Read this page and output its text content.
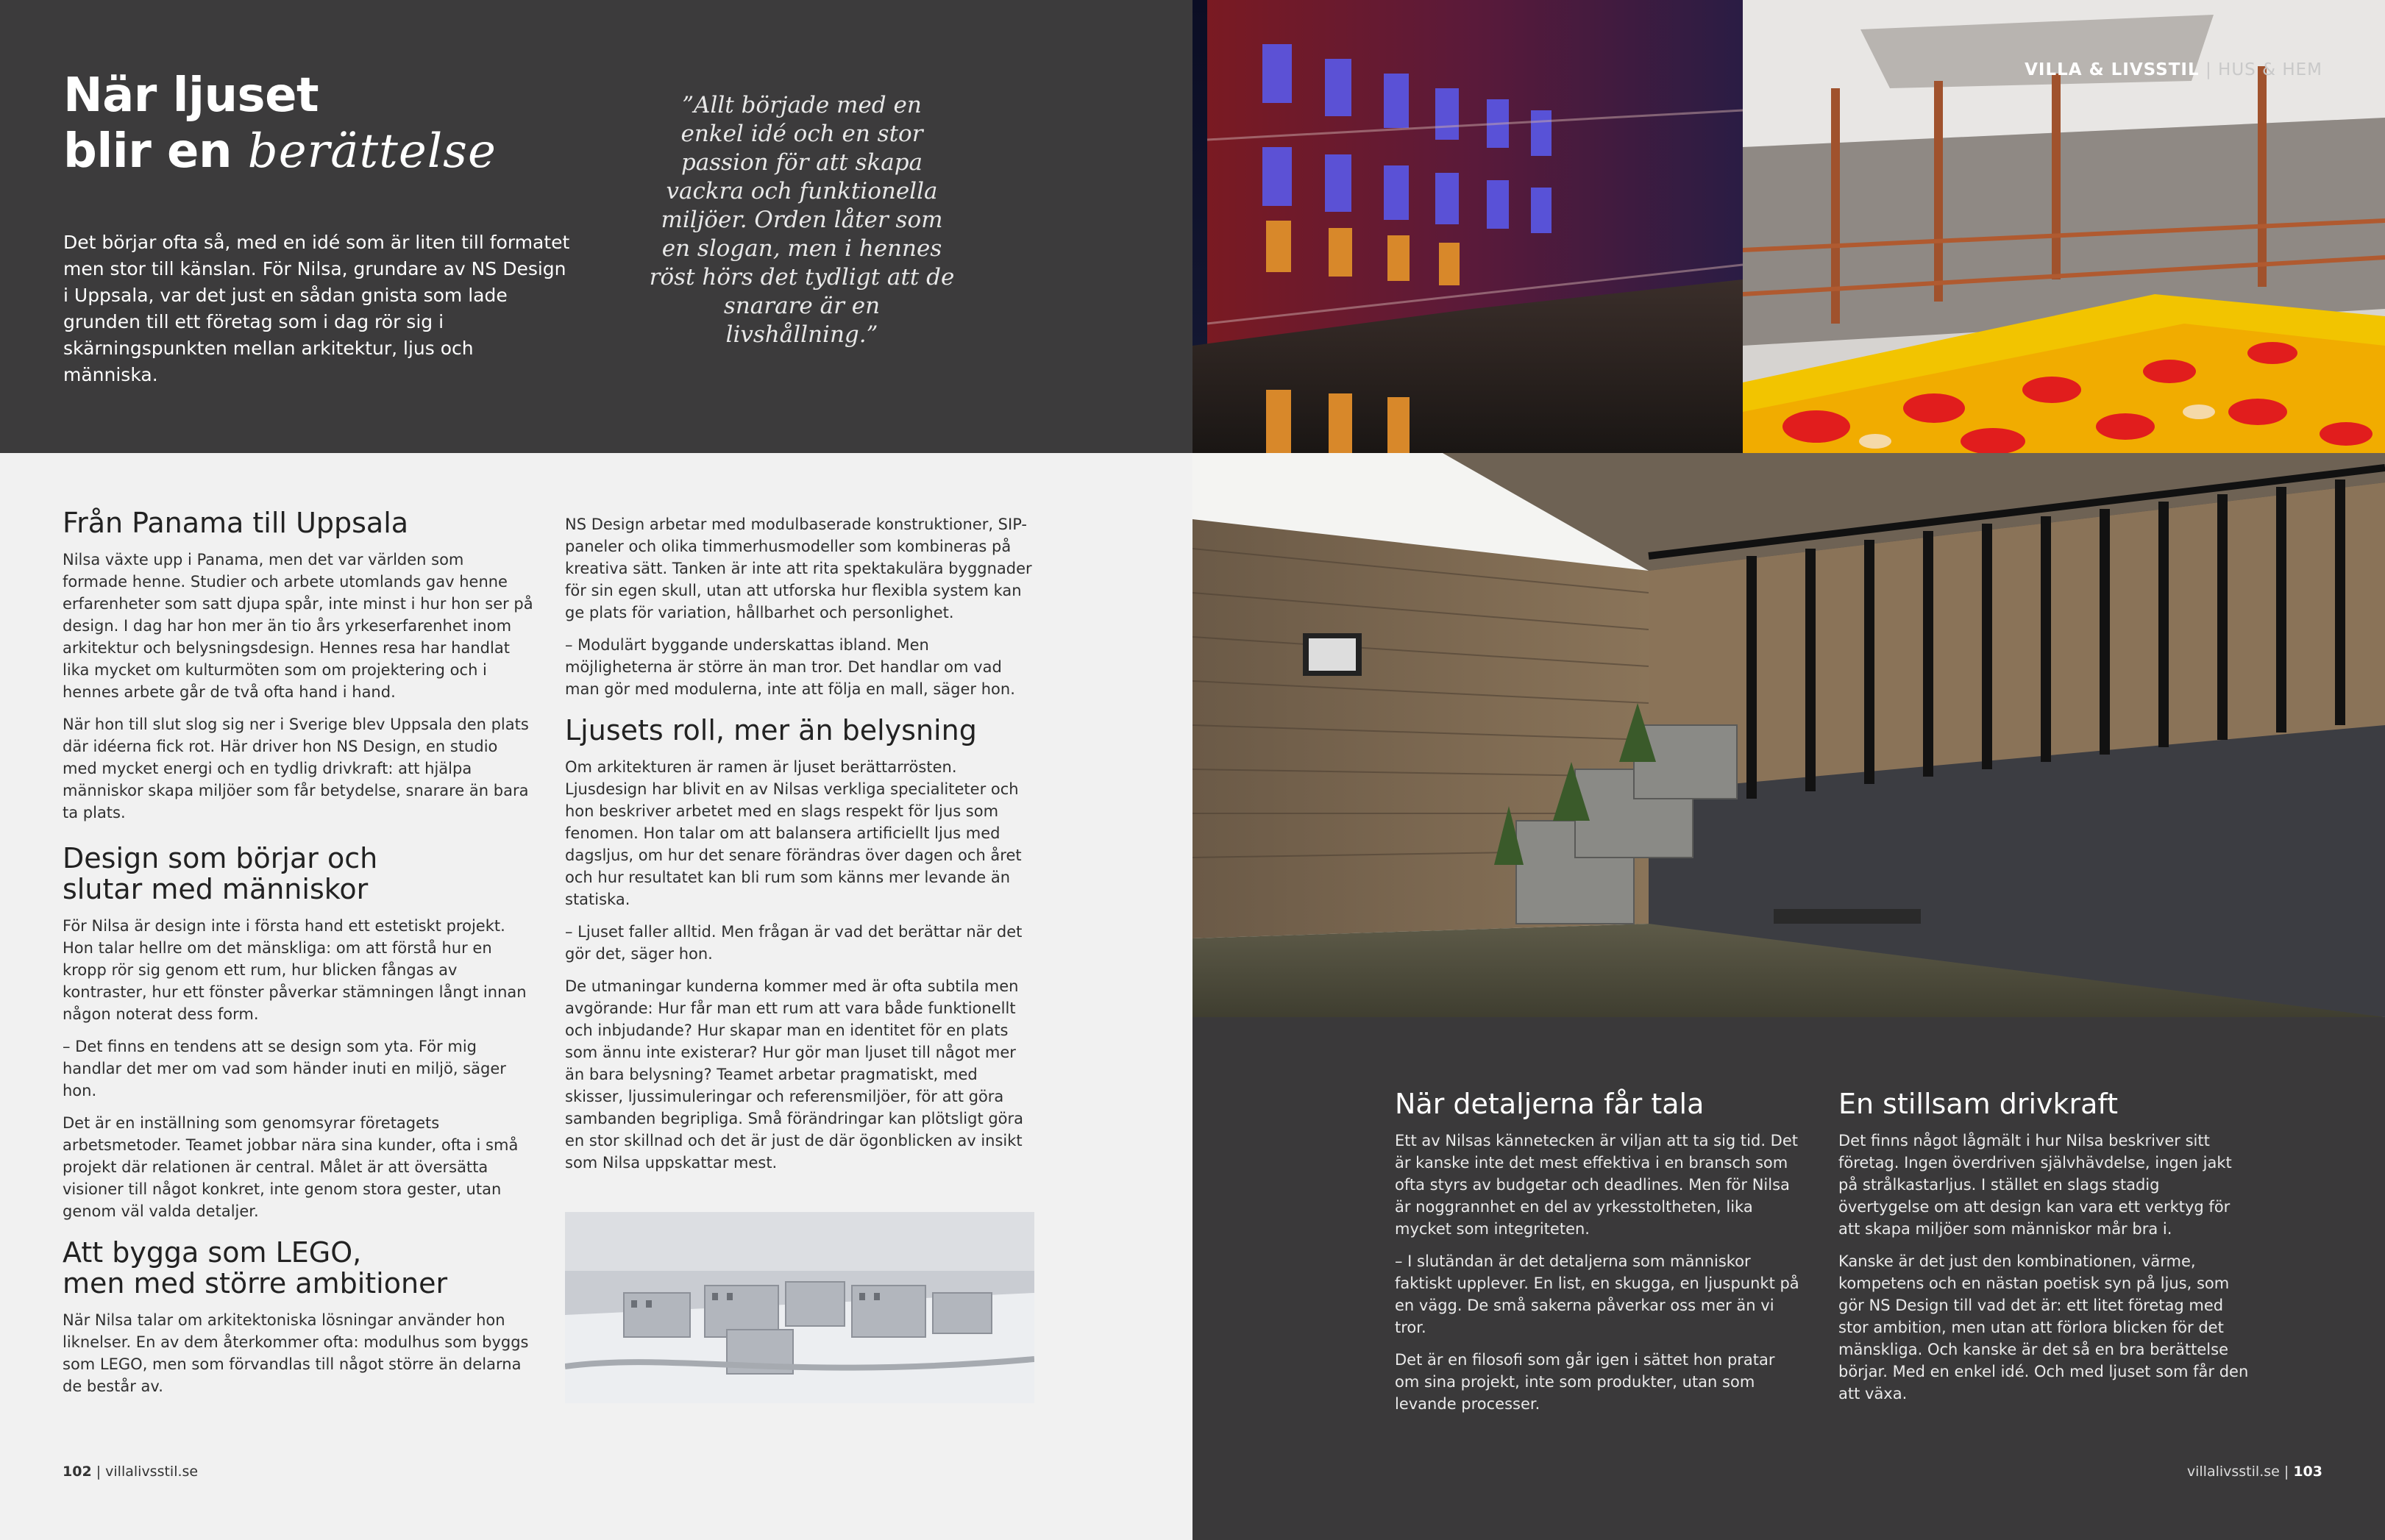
När ljuset
blir en berättelse
Det börjar ofta så, med en idé som är liten till formatet men stor till känslan. För Nilsa, grundare av NS Design i Uppsala, var det just en sådan gnista som lade grunden till ett företag som i dag rör sig i skärningspunkten mellan arkitektur, ljus och människa.
”Allt började med en enkel idé och en stor passion för att skapa vackra och funktionella miljöer. Orden låter som en slogan, men i hennes röst hörs det tydligt att de snarare är en livshållning.”
VILLA & LIVSSTIL | HUS & HEM
Från Panama till Uppsala

Nilsa växte upp i Panama, men det var världen som formade henne. Studier och arbete utomlands gav henne erfarenheter som satt djupa spår, inte minst i hur hon ser på design. I dag har hon mer än tio års yrkeserfarenhet inom arkitektur och belysningsdesign. Hennes resa har handlat lika mycket om kulturmöten som om projektering och i hennes arbete går de två ofta hand i hand.

När hon till slut slog sig ner i Sverige blev Uppsala den plats där idéerna fick rot. Här driver hon NS Design, en studio med mycket energi och en tydlig drivkraft: att hjälpa människor skapa miljöer som får betydelse, snarare än bara ta plats.

Design som börjar och
slutar med människor

För Nilsa är design inte i första hand ett estetiskt projekt. Hon talar hellre om det mänskliga: om att förstå hur en kropp rör sig genom ett rum, hur blicken fångas av kontraster, hur ett fönster påverkar stämningen långt innan någon noterat dess form.

– Det finns en tendens att se design som yta. För mig handlar det mer om vad som händer inuti en miljö, säger hon.

Det är en inställning som genomsyrar företagets arbetsmetoder. Teamet jobbar nära sina kunder, ofta i små projekt där relationen är central. Målet är att översätta visioner till något konkret, inte genom stora gester, utan genom väl valda detaljer.

Att bygga som LEGO,
men med större ambitioner

När Nilsa talar om arkitektoniska lösningar använder hon liknelser. En av dem återkommer ofta: modulhus som byggs som LEGO, men som förvandlas till något större än delarna de består av.

NS Design arbetar med modulbaserade konstruktioner, SIP-paneler och olika timmerhusmodeller som kombineras på kreativa sätt. Tanken är inte att rita spektakulära byggnader för sin egen skull, utan att utforska hur flexibla system kan ge plats för variation, hållbarhet och personlighet.

– Modulärt byggande underskattas ibland. Men möjligheterna är större än man tror. Det handlar om vad man gör med modulerna, inte att följa en mall, säger hon.

Ljusets roll, mer än belysning

Om arkitekturen är ramen är ljuset berättarrösten. Ljusdesign har blivit en av Nilsas verkliga specialiteter och hon beskriver arbetet med en slags respekt för ljus som fenomen. Hon talar om att balansera artificiellt ljus med dagsljus, om hur det senare förändras över dagen och året och hur resultatet kan bli rum som känns mer levande än statiska.

– Ljuset faller alltid. Men frågan är vad det berättar när det gör det, säger hon.

De utmaningar kunderna kommer med är ofta subtila men avgörande: Hur får man ett rum att vara både funktionellt och inbjudande? Hur skapar man en identitet för en plats som ännu inte existerar? Hur gör man ljuset till något mer än bara belysning? Teamet arbetar pragmatiskt, med skisser, ljussimuleringar och referensmiljöer, för att göra sambanden begripliga. Små förändringar kan plötsligt göra en stor skillnad och det är just de där ögonblicken av insikt som Nilsa uppskattar mest.

När detaljerna får tala

Ett av Nilsas kännetecken är viljan att ta sig tid. Det är kanske inte det mest effektiva i en bransch som ofta styrs av budgetar och deadlines. Men för Nilsa är noggrannhet en del av yrkesstoltheten, lika mycket som integriteten.

– I slutändan är det detaljerna som människor faktiskt upplever. En list, en skugga, en ljuspunkt på en vägg. De små sakerna påverkar oss mer än vi tror.

Det är en filosofi som går igen i sättet hon pratar om sina projekt, inte som produkter, utan som levande processer.

En stillsam drivkraft

Det finns något lågmält i hur Nilsa beskriver sitt företag. Ingen överdriven självhävdelse, ingen jakt på strålkastarljus. I stället en slags stadig övertygelse om att design kan vara ett verktyg för att skapa miljöer som människor mår bra i.

Kanske är det just den kombinationen, värme, kompetens och en nästan poetisk syn på ljus, som gör NS Design till vad det är: ett litet företag med stor ambition, men utan att förlora blicken för det mänskliga. Och kanske är det så en bra berättelse börjar. Med en enkel idé. Och med ljuset som får den att växa.

102 | villalivsstil.se	villalivsstil.se | 103
